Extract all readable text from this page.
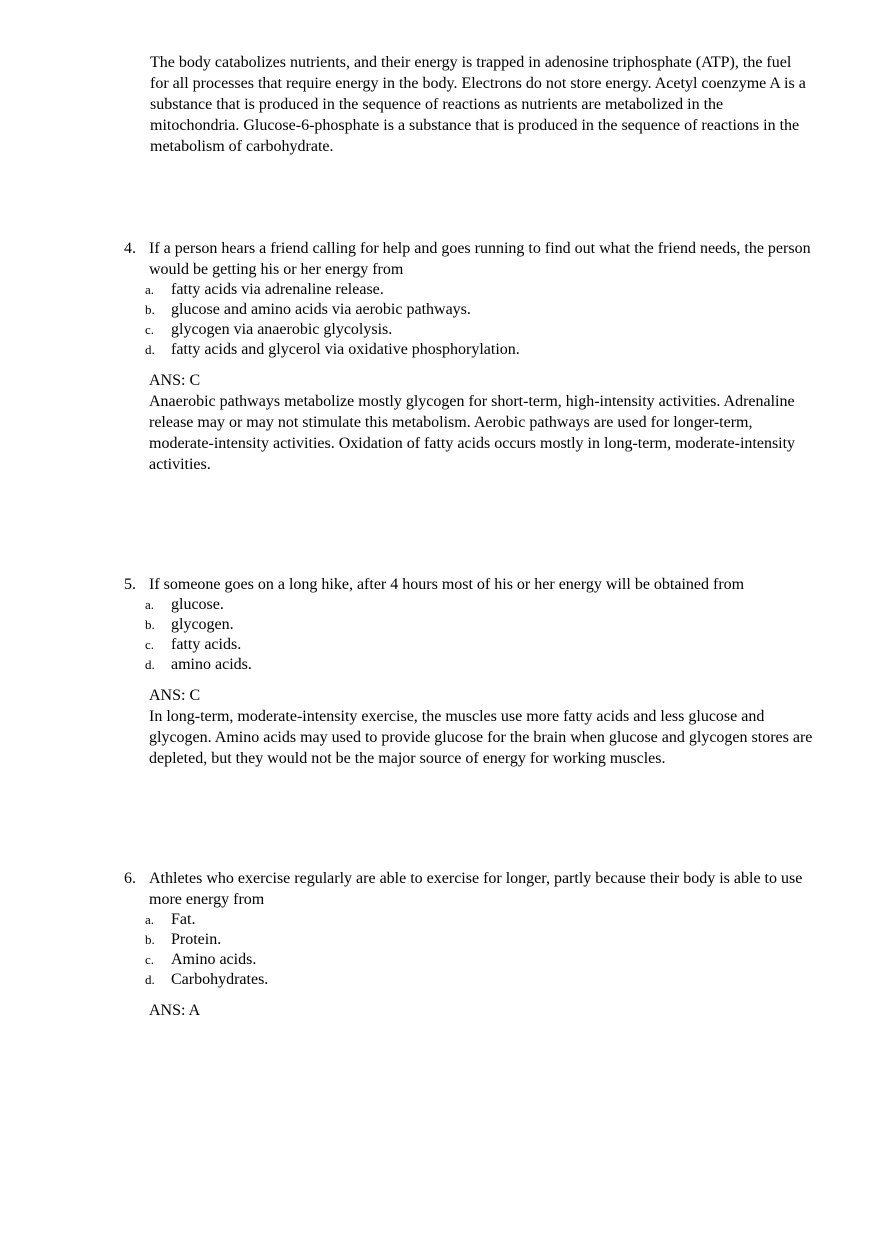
The body catabolizes nutrients, and their energy is trapped in adenosine triphosphate (ATP), the fuel for all processes that require energy in the body. Electrons do not store energy. Acetyl coenzyme A is a substance that is produced in the sequence of reactions as nutrients are metabolized in the mitochondria. Glucose-6-phosphate is a substance that is produced in the sequence of reactions in the metabolism of carbohydrate.
4. If a person hears a friend calling for help and goes running to find out what the friend needs, the person would be getting his or her energy from
a.	fatty acids via adrenaline release.
b.	glucose and amino acids via aerobic pathways.
c.	glycogen via anaerobic glycolysis.
d.	fatty acids and glycerol via oxidative phosphorylation.
ANS: C
Anaerobic pathways metabolize mostly glycogen for short-term, high-intensity activities. Adrenaline release may or may not stimulate this metabolism. Aerobic pathways are used for longer-term, moderate-intensity activities. Oxidation of fatty acids occurs mostly in long-term, moderate-intensity activities.
5. If someone goes on a long hike, after 4 hours most of his or her energy will be obtained from
a.	glucose.
b.	glycogen.
c.	fatty acids.
d.	amino acids.
ANS: C
In long-term, moderate-intensity exercise, the muscles use more fatty acids and less glucose and glycogen. Amino acids may used to provide glucose for the brain when glucose and glycogen stores are depleted, but they would not be the major source of energy for working muscles.
6. Athletes who exercise regularly are able to exercise for longer, partly because their body is able to use more energy from
a.	Fat.
b.	Protein.
c.	Amino acids.
d.	Carbohydrates.
ANS: A
